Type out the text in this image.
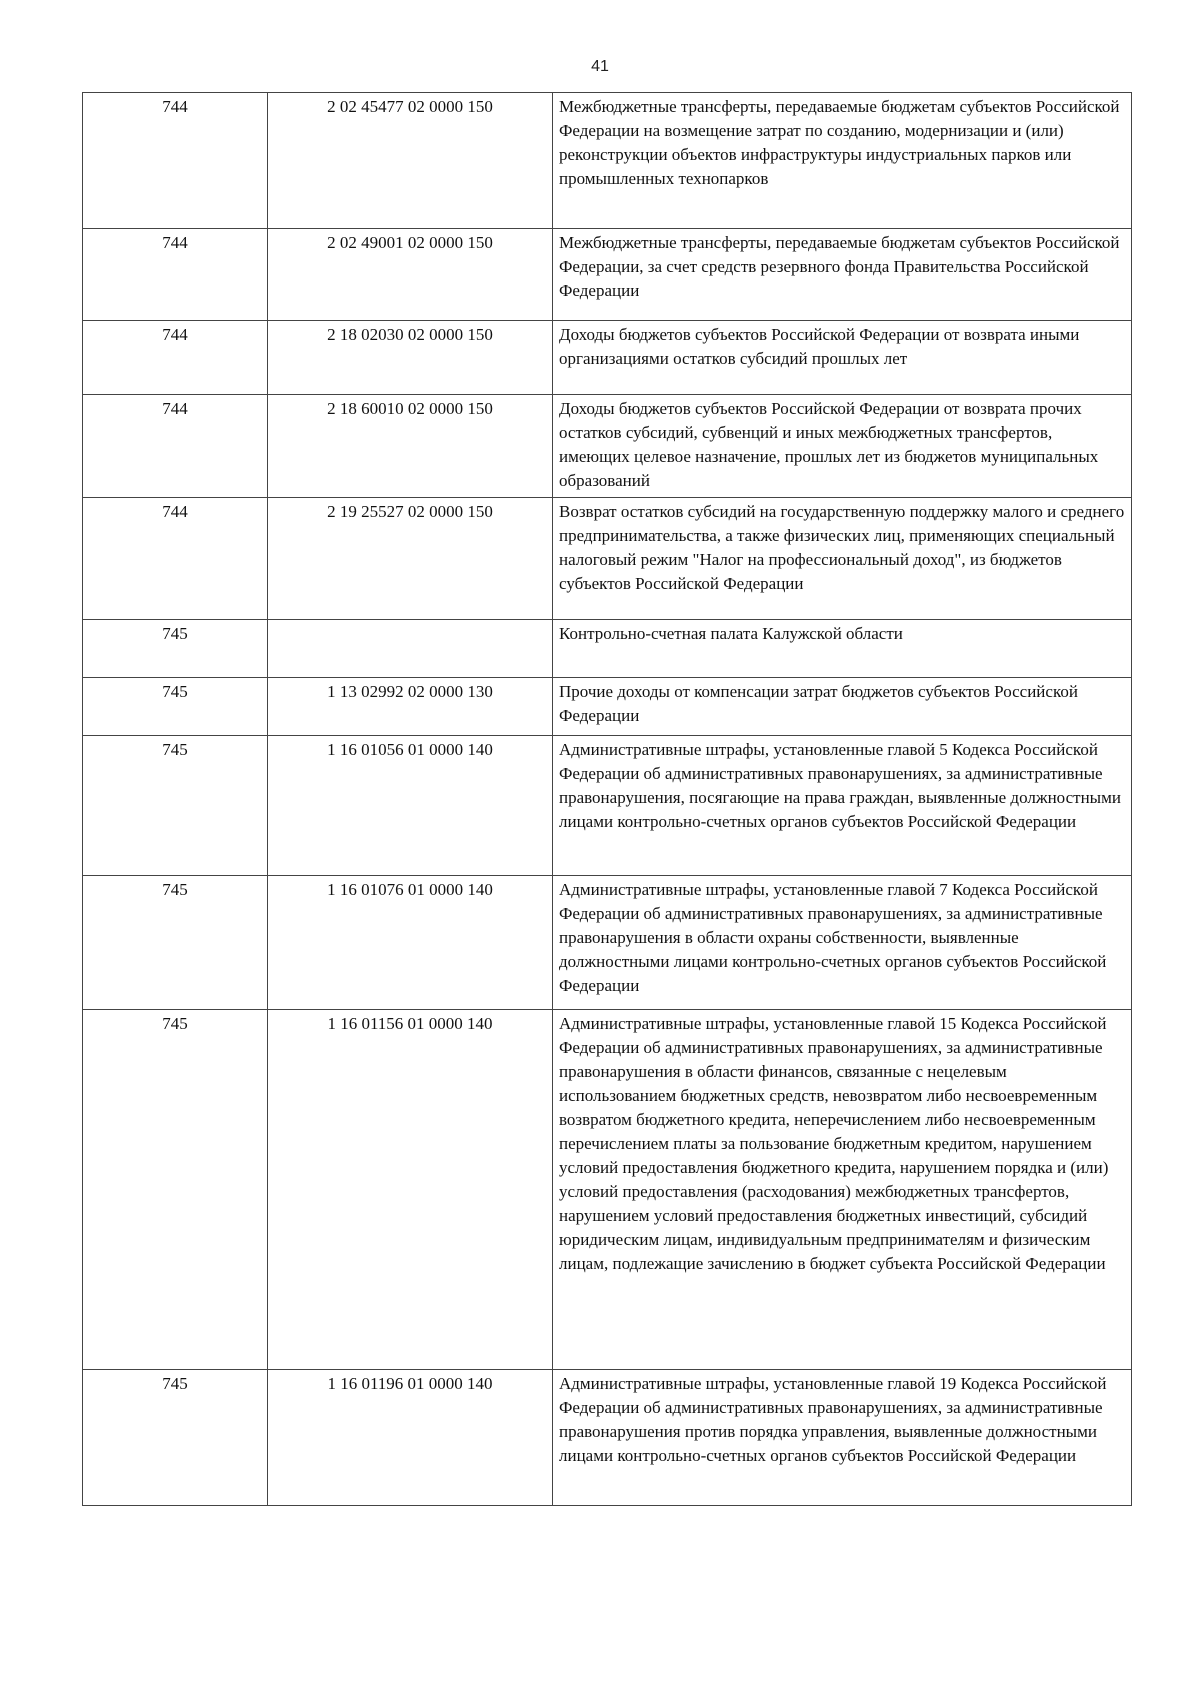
41
744	2 02 45477 02 0000 150	Межбюджетные трансферты, передаваемые бюджетам субъектов Российской Федерации на возмещение затрат по созданию, модернизации и (или) реконструкции объектов инфраструктуры индустриальных парков или промышленных технопарков
744	2 02 49001 02 0000 150	Межбюджетные трансферты, передаваемые бюджетам субъектов Российской Федерации, за счет средств резервного фонда Правительства Российской Федерации
744	2 18 02030 02 0000 150	Доходы бюджетов субъектов Российской Федерации от возврата иными организациями остатков субсидий прошлых лет
744	2 18 60010 02 0000 150	Доходы бюджетов субъектов Российской Федерации от возврата прочих остатков субсидий, субвенций и иных межбюджетных трансфертов, имеющих целевое назначение, прошлых лет из бюджетов муниципальных образований
744	2 19 25527 02 0000 150	Возврат остатков субсидий на государственную поддержку малого и среднего предпринимательства, а также физических лиц, применяющих специальный налоговый режим "Налог на профессиональный доход", из бюджетов субъектов Российской Федерации
745		Контрольно-счетная палата Калужской области
745	1 13 02992 02 0000 130	Прочие доходы от компенсации затрат бюджетов субъектов Российской Федерации
745	1 16 01056 01 0000 140	Административные штрафы, установленные главой 5 Кодекса Российской Федерации об административных правонарушениях, за административные правонарушения, посягающие на права граждан, выявленные должностными лицами контрольно-счетных органов субъектов Российской Федерации
745	1 16 01076 01 0000 140	Административные штрафы, установленные главой 7 Кодекса Российской Федерации об административных правонарушениях, за административные правонарушения в области охраны собственности, выявленные должностными лицами контрольно-счетных органов субъектов Российской Федерации
745	1 16 01156 01 0000 140	Административные штрафы, установленные главой 15 Кодекса Российской Федерации об административных правонарушениях, за административные правонарушения в области финансов, связанные с нецелевым использованием бюджетных средств, невозвратом либо несвоевременным возвратом бюджетного кредита, неперечислением либо несвоевременным перечислением платы за пользование бюджетным кредитом, нарушением условий предоставления бюджетного кредита, нарушением порядка и (или) условий предоставления (расходования) межбюджетных трансфертов, нарушением условий предоставления бюджетных инвестиций, субсидий юридическим лицам, индивидуальным предпринимателям и физическим лицам, подлежащие зачислению в бюджет субъекта Российской Федерации
745	1 16 01196 01 0000 140	Административные штрафы, установленные главой 19 Кодекса Российской Федерации об административных правонарушениях, за административные правонарушения против порядка управления, выявленные должностными лицами контрольно-счетных органов субъектов Российской Федерации
